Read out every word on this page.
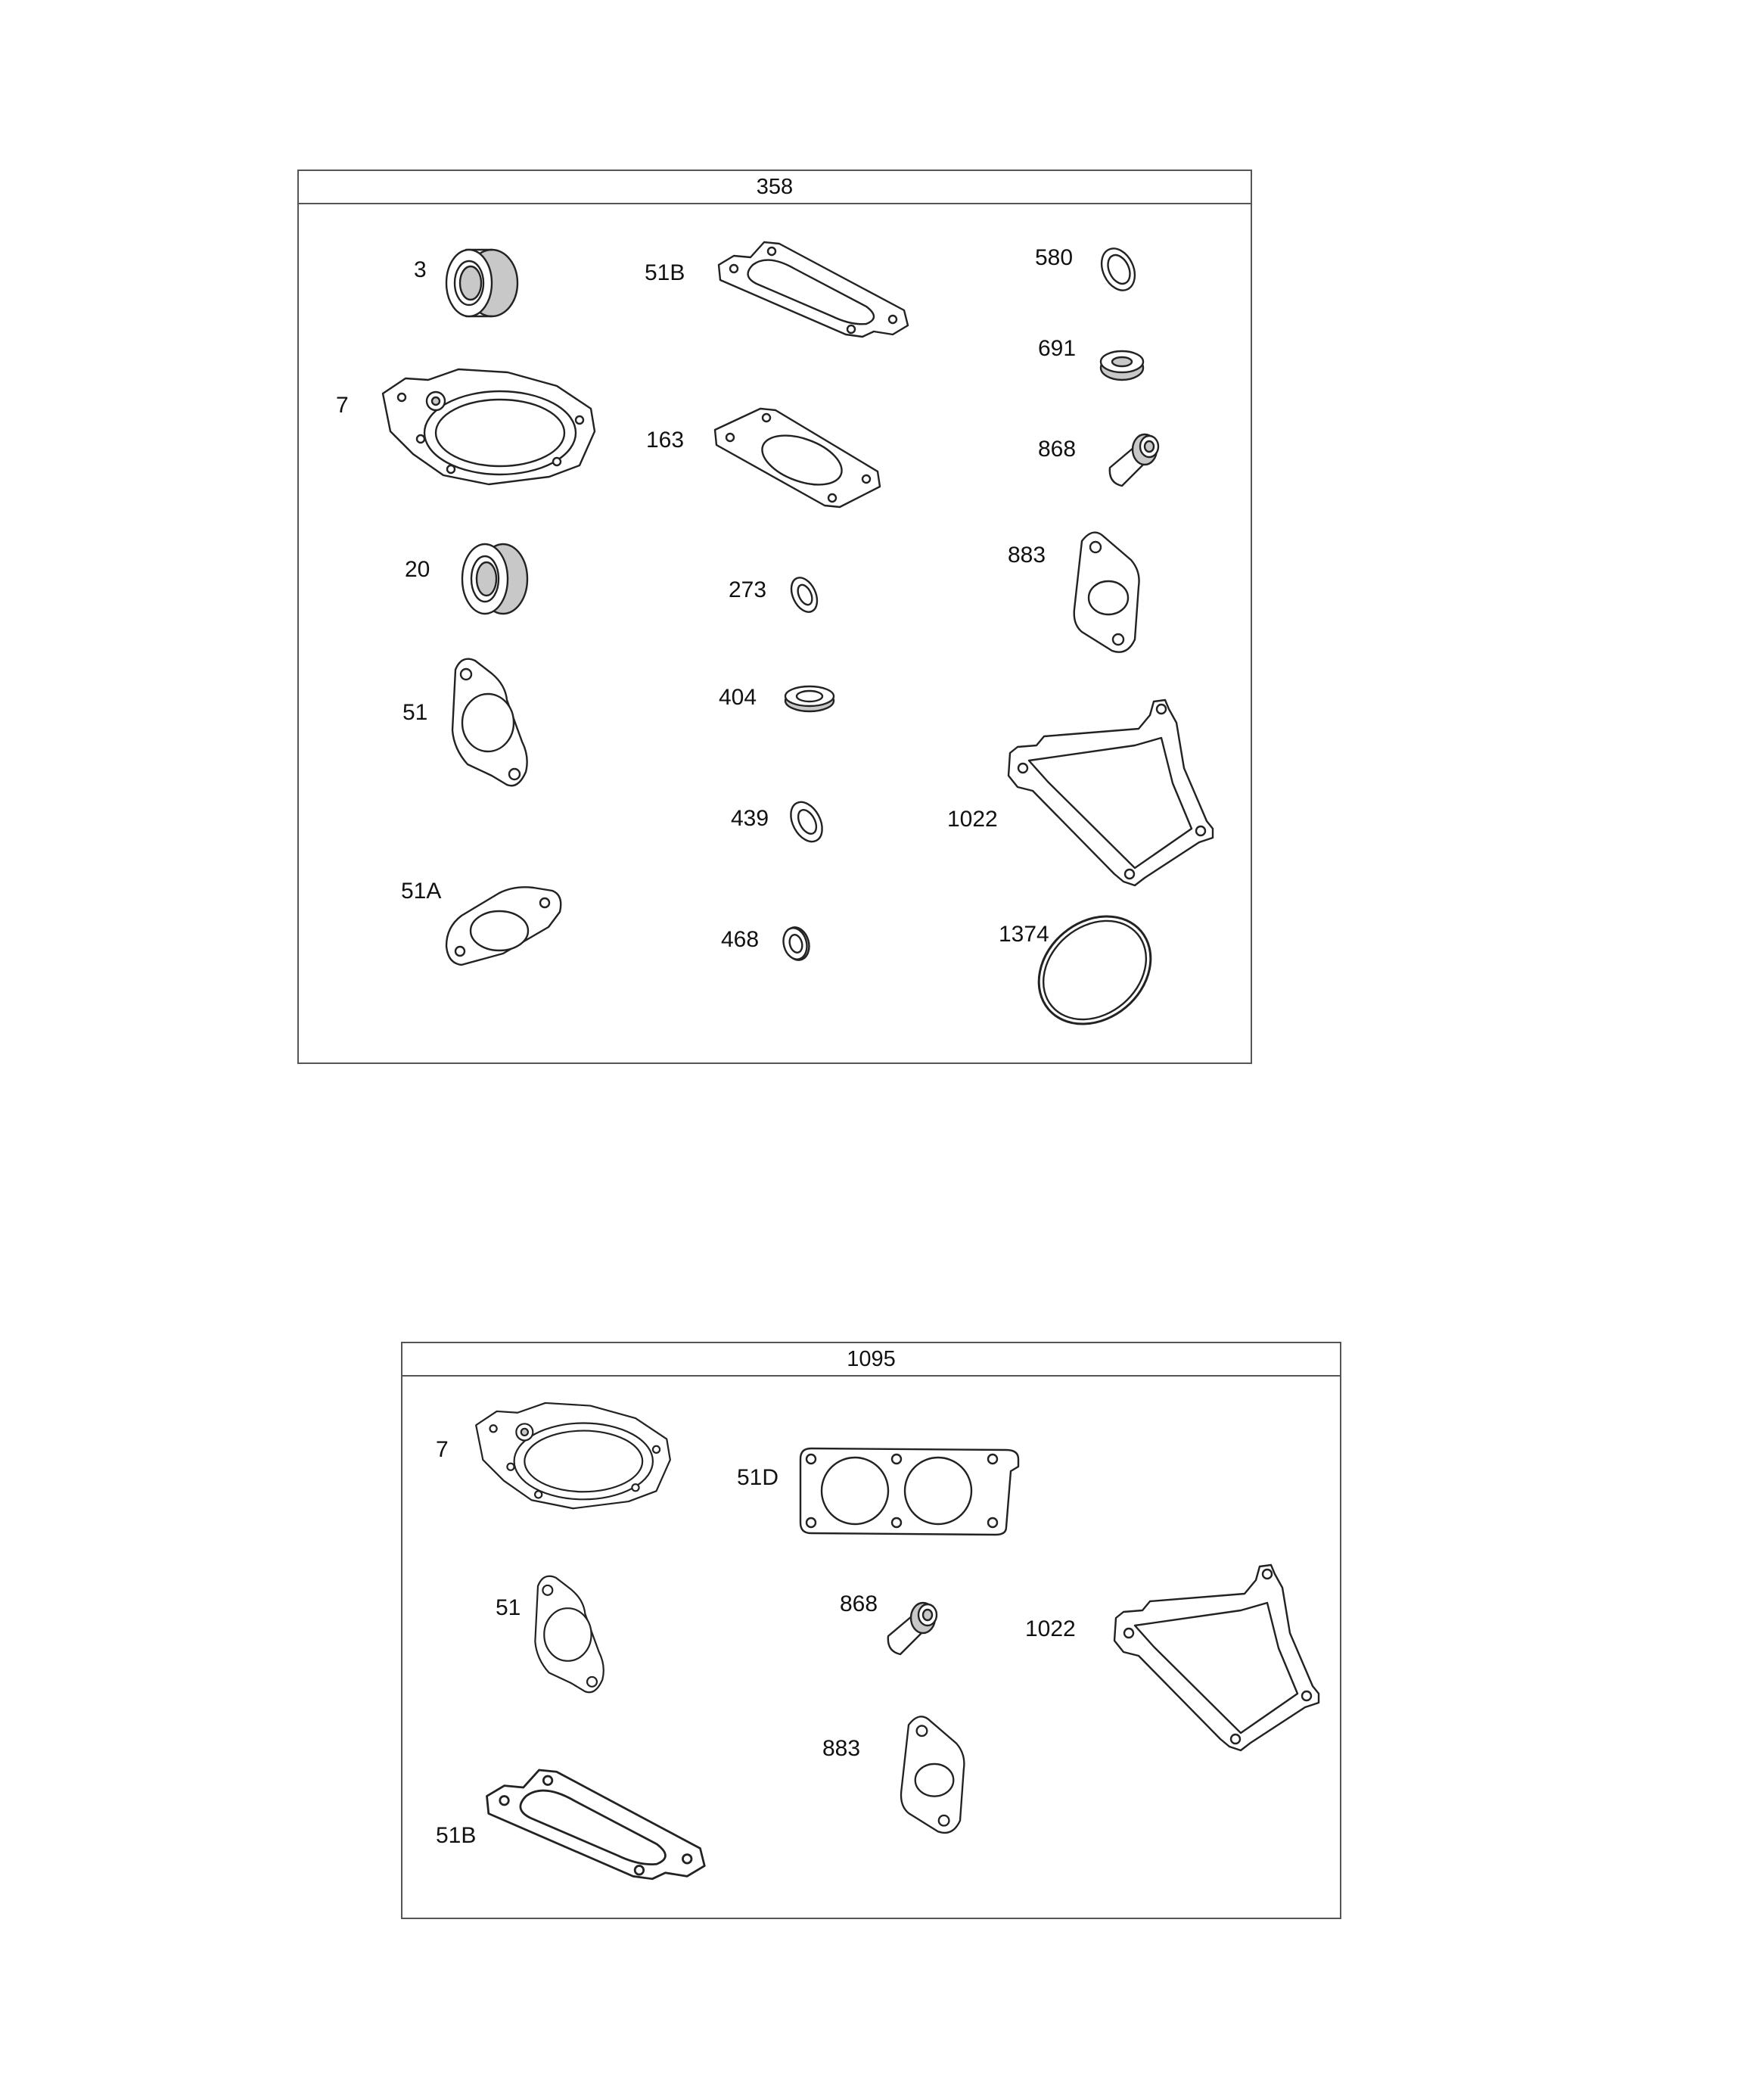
358
3	51B
580
691
7
163	868
20
273
883
51
404
439	1022
51A
468	1374
1095
7
51D
51	868
1022
883
51B
